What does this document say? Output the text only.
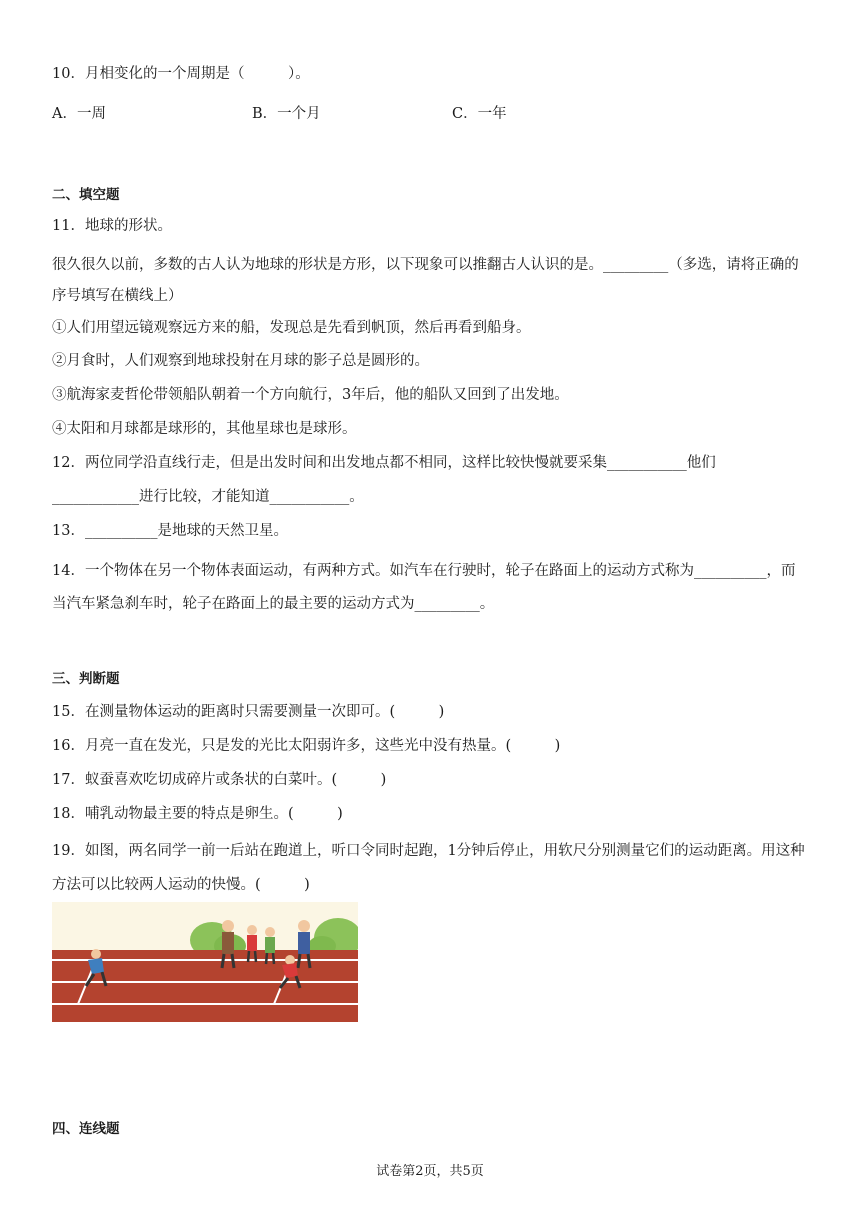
10．月相变化的一个周期是（　　　）。
A．一周	B．一个月	C．一年
二、填空题
11．地球的形状。
很久很久以前，多数的古人认为地球的形状是方形，以下现象可以推翻古人认识的是。_________（多选，请将正确的序号填写在横线上）
①人们用望远镜观察远方来的船，发现总是先看到帆顶，然后再看到船身。
②月食时，人们观察到地球投射在月球的影子总是圆形的。
③航海家麦哲伦带领船队朝着一个方向航行，3年后，他的船队又回到了出发地。
④太阳和月球都是球形的，其他星球也是球形。
12．两位同学沿直线行走，但是出发时间和出发地点都不相同，这样比较快慢就要采集___________他们
____________进行比较，才能知道___________。
13．__________是地球的天然卫星。
14．一个物体在另一个物体表面运动，有两种方式。如汽车在行驶时，轮子在路面上的运动方式称为__________，而当汽车紧急刹车时，轮子在路面上的最主要的运动方式为_________。
三、判断题
15．在测量物体运动的距离时只需要测量一次即可。(　　　)
16．月亮一直在发光，只是发的光比太阳弱许多，这些光中没有热量。(　　　)
17．蚁蚕喜欢吃切成碎片或条状的白菜叶。(　　　)
18．哺乳动物最主要的特点是卵生。(　　　)
19．如图，两名同学一前一后站在跑道上，听口令同时起跑，1分钟后停止，用软尺分别测量它们的运动距离。用这种方法可以比较两人运动的快慢。(　　　)
四、连线题
试卷第2页，共5页
